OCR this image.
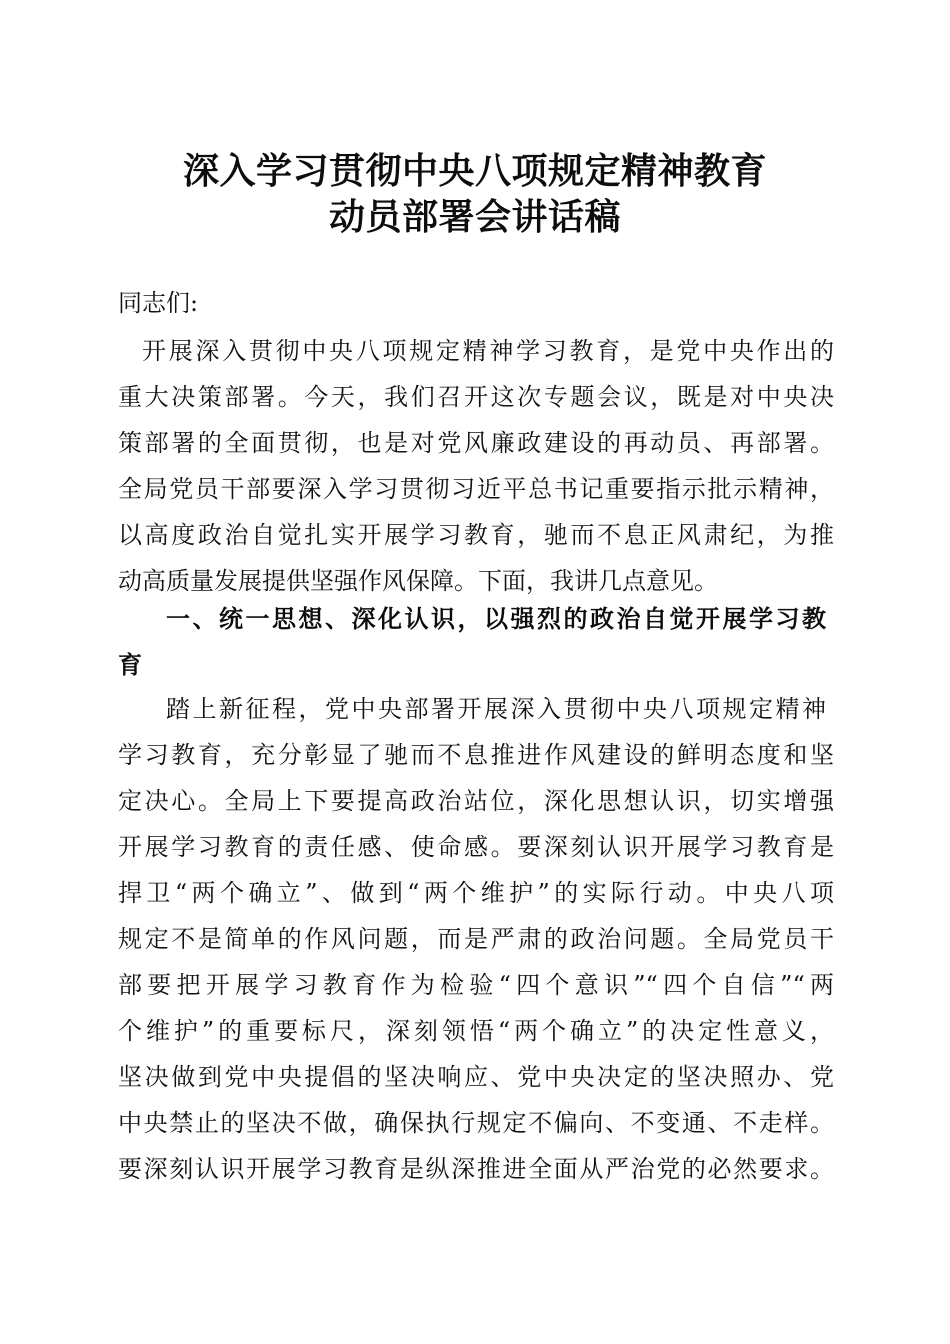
深入学习贯彻中央八项规定精神教育
动员部署会讲话稿
同志们:
开展深入贯彻中央八项规定精神学习教育，是党中央作出的
重大决策部署。今天，我们召开这次专题会议，既是对中央决
策部署的全面贯彻，也是对党风廉政建设的再动员、再部署。
全局党员干部要深入学习贯彻习近平总书记重要指示批示精神，
以高度政治自觉扎实开展学习教育，驰而不息正风肃纪，为推
动高质量发展提供坚强作风保障。下面，我讲几点意见。
一、统一思想、深化认识，以强烈的政治自觉开展学习教
育
踏上新征程，党中央部署开展深入贯彻中央八项规定精神
学习教育，充分彰显了驰而不息推进作风建设的鲜明态度和坚
定决心。全局上下要提高政治站位，深化思想认识，切实增强
开展学习教育的责任感、使命感。要深刻认识开展学习教育是
捍卫“两个确立”、做到“两个维护”的实际行动。中央八项
规定不是简单的作风问题，而是严肃的政治问题。全局党员干
部要把开展学习教育作为检验“四个意识”“四个自信”“两
个维护”的重要标尺，深刻领悟“两个确立”的决定性意义，
坚决做到党中央提倡的坚决响应、党中央决定的坚决照办、党
中央禁止的坚决不做，确保执行规定不偏向、不变通、不走样。
要深刻认识开展学习教育是纵深推进全面从严治党的必然要求。
